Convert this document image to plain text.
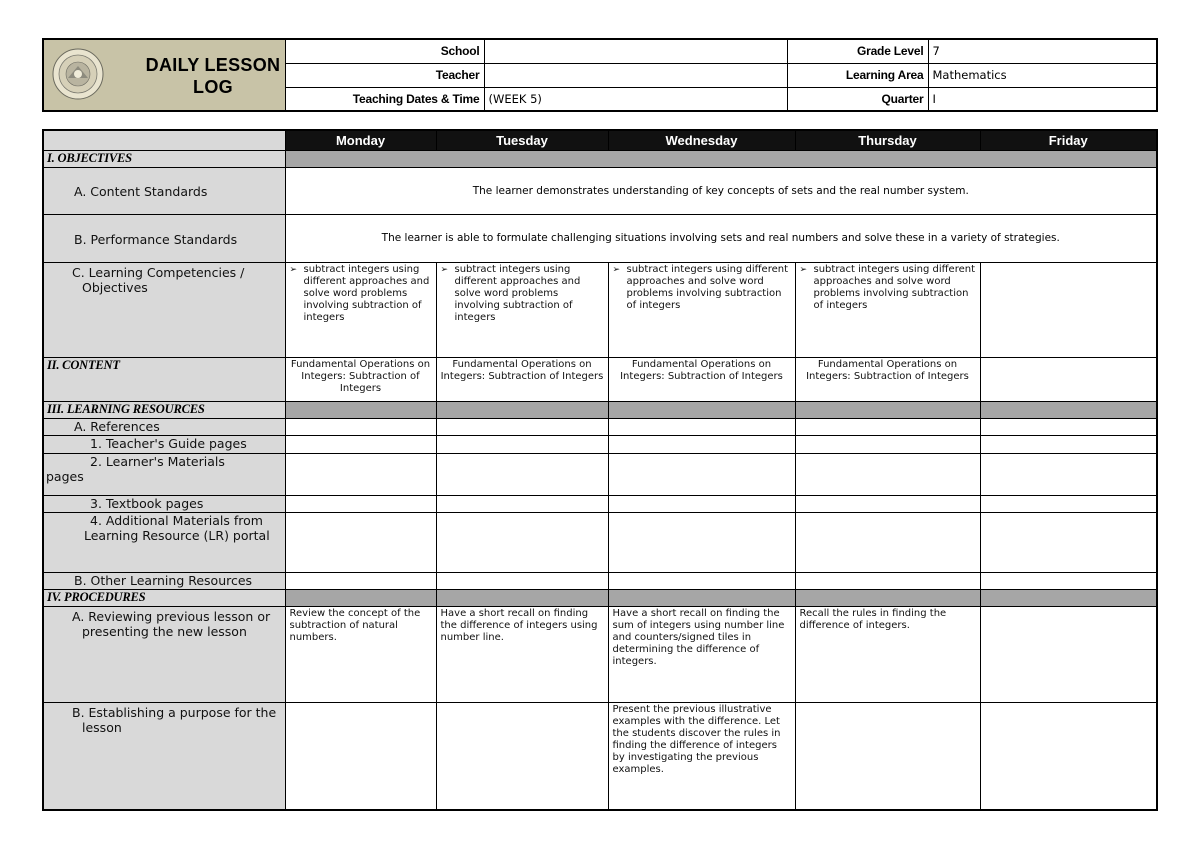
DAILY LESSON
LOG	School		Grade Level	7
	Teacher		Learning Area	Mathematics
	Teaching Dates & Time	(WEEK 5)	Quarter	I
	Monday	Tuesday	Wednesday	Thursday	Friday
I. OBJECTIVES					
A. Content Standards	The learner demonstrates understanding of key concepts of sets and the real number system.				
B. Performance Standards	The learner is able to formulate challenging situations involving sets and real numbers and solve these in a variety of strategies.				
C. Learning Competencies / Objectives	➢ subtract integers using different approaches and solve word problems involving subtraction of integers	➢ subtract integers using different approaches and solve word problems involving subtraction of integers	➢ subtract integers using different approaches and solve word problems involving subtraction of integers	➢ subtract integers using different approaches and solve word problems involving subtraction of integers	

II. CONTENT	Fundamental Operations on Integers: Subtraction of Integers	Fundamental Operations on Integers: Subtraction of Integers	Fundamental Operations on Integers: Subtraction of Integers	Fundamental Operations on Integers: Subtraction of Integers	
III. LEARNING RESOURCES					
A. References					
1. Teacher's Guide pages					

2. Learner's Materials
pages					

3. Textbook pages					
4. Additional Materials from Learning Resource (LR) portal					
B. Other Learning Resources					
IV. PROCEDURES					
A. Reviewing previous lesson or presenting the new lesson	Review the concept of the subtraction of natural numbers.	Have a short recall on finding the difference of integers using number line.	Have a short recall on finding the sum of integers using number line and counters/signed tiles in determining the difference of integers.	Recall the rules in finding the difference of integers.	
B. Establishing a purpose for the lesson			Present the previous illustrative examples with the difference. Let the students discover the rules in finding the difference of integers by investigating the previous examples.		
